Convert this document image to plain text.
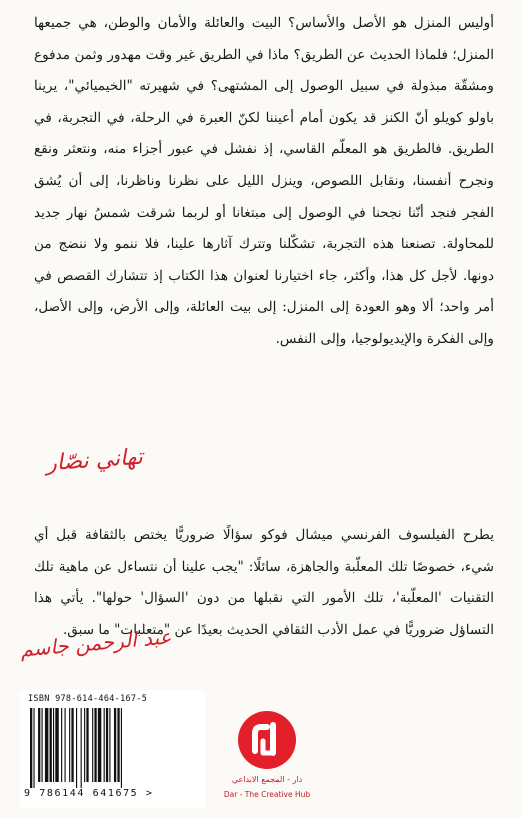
أوليس المنزل هو الأصل والأساس؟ البيت والعائلة والأمان والوطن، هي جميعها المنزل؛ فلماذا الحديث عن الطريق؟ ماذا في الطريق غير وقت مهدور وثمن مدفوع ومشقّة مبذولة في سبيل الوصول إلى المشتهى؟ في شهيرته "الخيميائي"، يرينا باولو كويلو أنّ الكنز قد يكون أمام أعيننا لكنّ العبرة في الرحلة، في التجربة، في الطريق. فالطريق هو المعلّم القاسي، إذ نفشل في عبور أجزاء منه، ونتعثر ونقع ونجرح أنفسنا، ونقابل اللصوص، وينزل الليل على نظرنا وناظرنا، إلى أن يُشق الفجر فنجد أنّنا نجحنا في الوصول إلى مبتغانا أو لربما شرقت شمسُ نهار جديد للمحاولة. تصنعنا هذه التجربة، تشكّلنا وتترك آثارها علينا، فلا ننمو ولا ننضج من دونها. لأجل كل هذا، وأكثر، جاء اختيارنا لعنوان هذا الكتاب إذ تتشارك القصص في أمر واحد؛ ألا وهو العودة إلى المنزل: إلى بيت العائلة، وإلى الأرض، وإلى الأصل، وإلى الفكرة والإيديولوجيا، وإلى النفس.

تهاني نصّار

يطرح الفيلسوف الفرنسي ميشال فوكو سؤالًا ضروريًّا يختص بالثقافة قبل أي شيء، خصوصًا تلك المعلّبة والجاهزة، سائلًا: "يجب علينا أن نتساءل عن ماهية تلك التقنيات 'المعلّبة'، تلك الأمور التي نقبلها من دون 'السؤال' حولها". يأتي هذا التساؤل ضروريًّا في عمل الأدب الثقافي الحديث بعيدًا عن "متعلبات" ما سبق.

عبد الرحمن جاسم
ISBN 978-614-464-167-5
9 786144 641675 >
دار - المجمع الابداعي
Dar - The Creative Hub
